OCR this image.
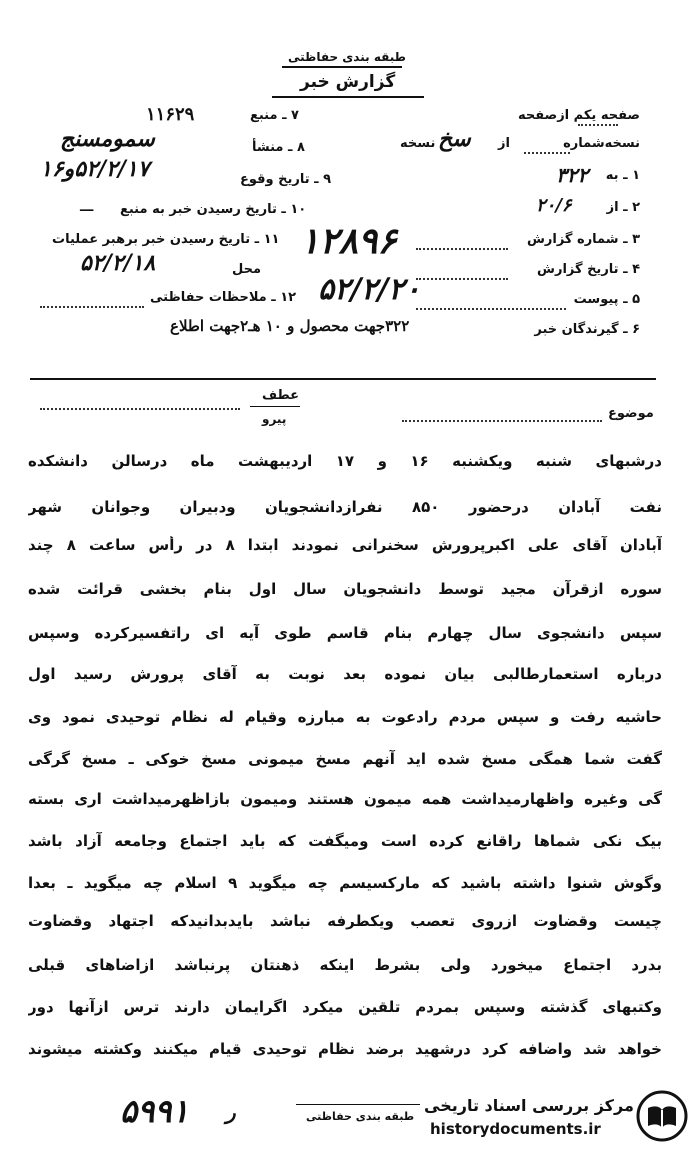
طبقه بندی حفاظتی
گزارش خبر
صفحه یکم از
صفحه
نسخه‌شماره
از
نسخه سخ
۱ ـ به
۳۲۲
۲ ـ از
۲۰/۶
۳ ـ شماره گزارش
۴ ـ تاریخ گزارش
۵ ـ پیوست
۶ ـ گیرندگان خبر
۳۲۲جهت محصول و ۱۰ هـ۲جهت اطلاع
۷ ـ منبع
۱۱۶۲۹
۸ ـ منشأ
سمومسنج
۹ ـ تاریخ وقوع
۵۲/۲/۱۷و۱۶
۱۰ ـ تاریخ رسیدن خبر به منبع
ـــ
۱۱ ـ تاریخ رسیدن خبر برهبر عملیات
محل
۵۲/۲/۱۸
۱۲ ـ ملاحظات حفاظتی
۱۲۸۹۶
۵۲/۲/۲۰
موضوع
عطف
پیرو
درشبهای شنبه ویکشنبه ۱۶ و ۱۷ اردیبهشت ماه درسالن دانشکده
نفت آبادان درحضور ۸۵۰ نفرازدانشجویان ودبیران وجوانان شهر
آبادان آقای علی اکبرپرورش سخنرانی نمودند ابتدا ۸ در رأس ساعت ۸ چند
سوره ازقرآن مجید توسط دانشجویان سال اول بنام بخشی قرائت شده
سپس دانشجوی سال چهارم بنام قاسم طوی آیه ای راتفسیرکرده وسپس
درباره استعمارطالبی بیان نموده بعد نوبت به آقای پرورش رسید اول
حاشیه رفت و سپس مردم رادعوت به مبارزه وقیام له نظام توحیدی نمود وی
گفت شما همگی مسخ شده اید آنهم مسخ میمونی مسخ خوکی ـ مسخ گرگی
گی وغیره واظهارمیداشت همه میمون هستند ومیمون بازاظهرمیداشت اری بسته
بیک نکی شماها راقانع کرده است ومیگفت که باید اجتماع وجامعه آزاد باشد
وگوش شنوا داشته باشید که مارکسیسم چه میگوید ۹ اسلام چه میگوید ـ بعدا
چیست وقضاوت ازروی تعصب ویکطرفه نباشد بایدبدانیدکه اجتهاد وقضاوت
بدرد اجتماع میخورد ولی بشرط اینکه ذهنتان پرنباشد ازاضاهای قبلی
وکتبهای گذشته وسپس بمردم تلقین میکرد اگرایمان دارند ترس ازآنها دور
خواهد شد واضافه کرد درشهید برضد نظام توحیدی قیام میکنند وکشته میشوند
۵۹۹۱ ر	طبقه بندی حفاظتی
مرکز بررسی اسناد تاریخی
historydocuments.ir
